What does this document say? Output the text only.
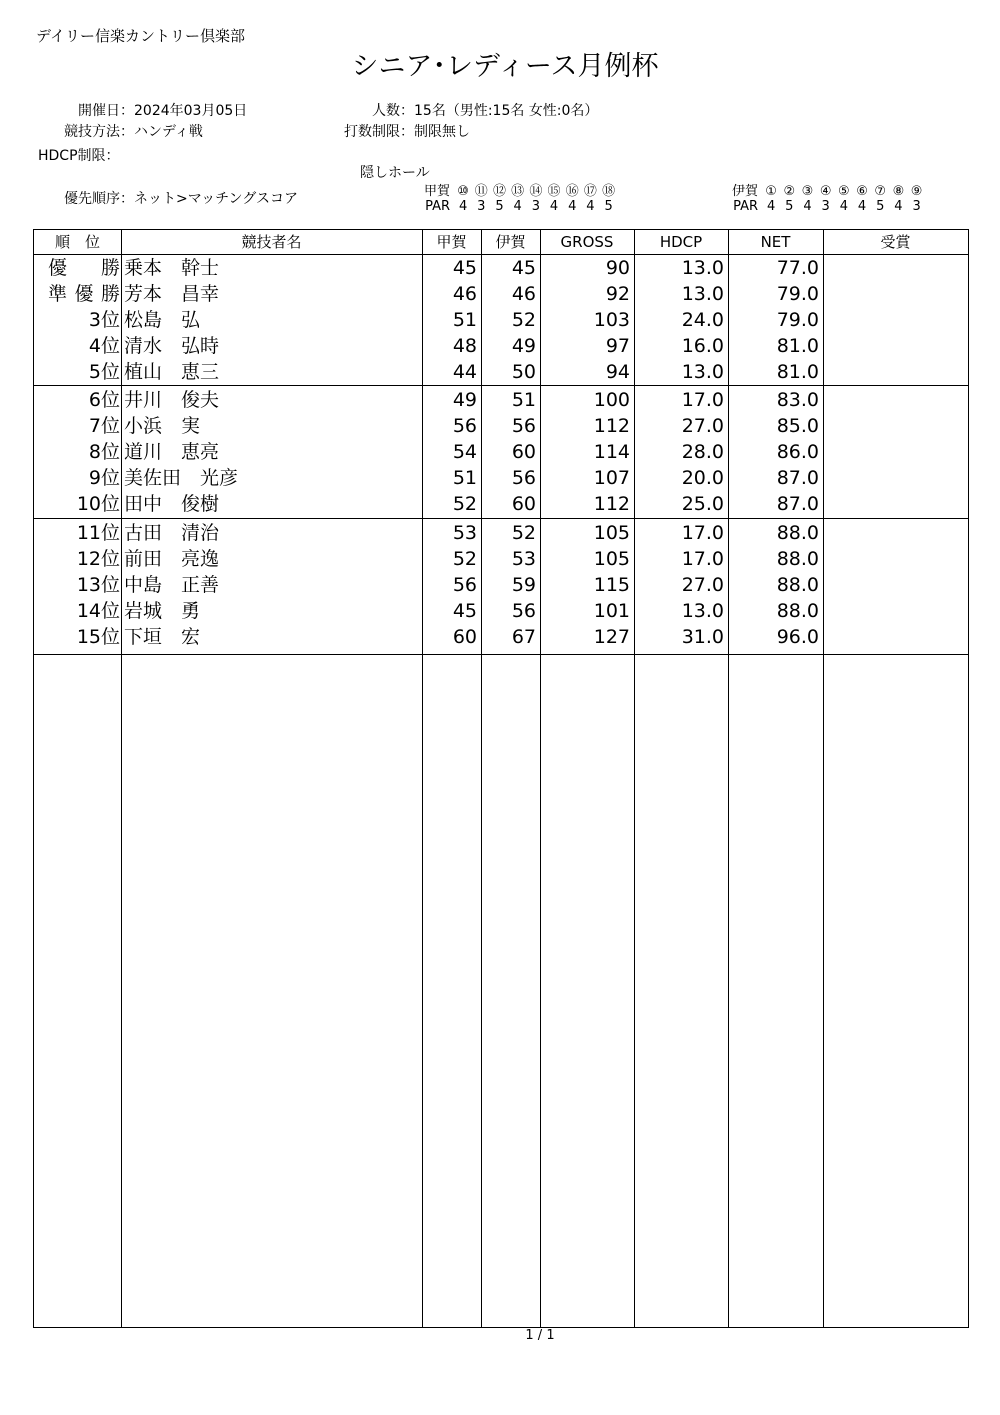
デイリー信楽カントリー倶楽部
シニア･レディース月例杯
開催日：2024年03月05日
競技方法：ハンディ戦
HDCP制限：
優先順序：ネット>マッチングスコア
人数：15名（男性:15名 女性:0名）
打数制限：制限無し
隠しホール
甲賀 ⑩ ⑪ ⑫ ⑬ ⑭ ⑮ ⑯ ⑰ ⑱
PAR 4 3 5 4 3 4 4 4 5
伊賀 ① ② ③ ④ ⑤ ⑥ ⑦ ⑧ ⑨
PAR 4 5 4 3 4 4 5 4 3
順　位	競技者名	甲賀	伊賀	GROSS	HDCP	NET	受賞
優勝 乗本　幹士	45	45	90	13.0	77.0
準優勝 芳本　昌幸	46	46	92	13.0	79.0
3位 松島　弘	51	52	103	24.0	79.0
4位 清水　弘時	48	49	97	16.0	81.0
5位 植山　恵三	44	50	94	13.0	81.0
6位 井川　俊夫	49	51	100	17.0	83.0
7位 小浜　実	56	56	112	27.0	85.0
8位 道川　恵亮	54	60	114	28.0	86.0
9位 美佐田　光彦	51	56	107	20.0	87.0
10位 田中　俊樹	52	60	112	25.0	87.0
11位 古田　清治	53	52	105	17.0	88.0
12位 前田　亮逸	52	53	105	17.0	88.0
13位 中島　正善	56	59	115	27.0	88.0
14位 岩城　勇	45	56	101	13.0	88.0
15位 下垣　宏	60	67	127	31.0	96.0
1 / 1
